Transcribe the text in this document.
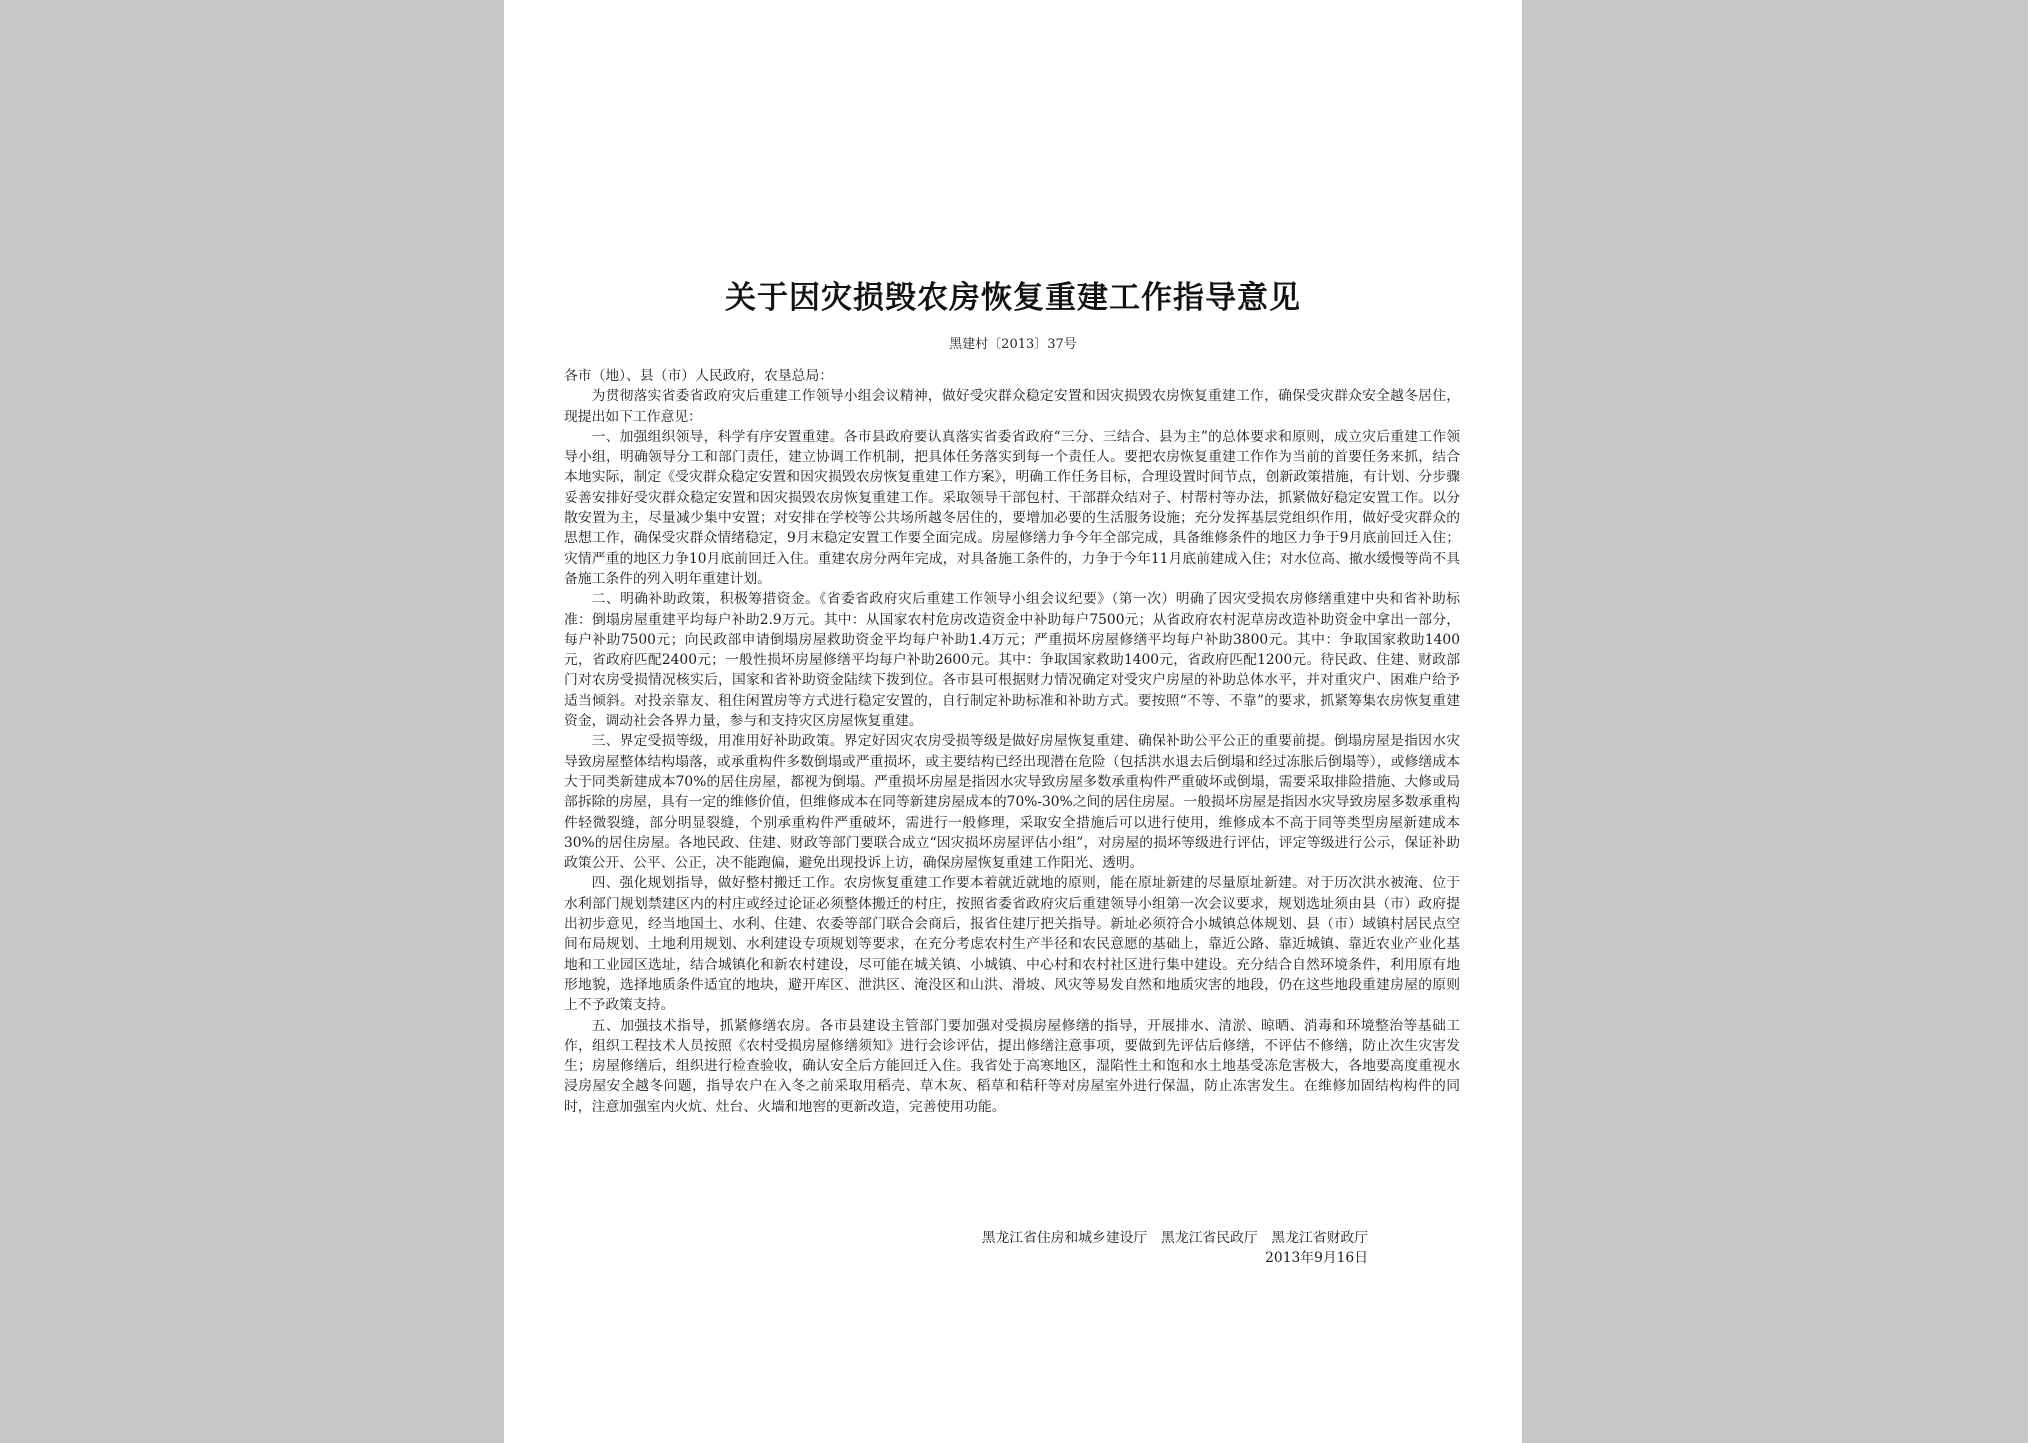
关于因灾损毁农房恢复重建工作指导意见
黑建村〔2013〕37号

各市（地）、县（市）人民政府，农垦总局：

为贯彻落实省委省政府灾后重建工作领导小组会议精神，做好受灾群众稳定安置和因灾损毁农房恢复重建工作，确保受灾群众安全越冬居住，现提出如下工作意见：

一、加强组织领导，科学有序安置重建。各市县政府要认真落实省委省政府“三分、三结合、县为主”的总体要求和原则，成立灾后重建工作领导小组，明确领导分工和部门责任，建立协调工作机制，把具体任务落实到每一个责任人。要把农房恢复重建工作作为当前的首要任务来抓，结合本地实际，制定《受灾群众稳定安置和因灾损毁农房恢复重建工作方案》，明确工作任务目标，合理设置时间节点，创新政策措施，有计划、分步骤妥善安排好受灾群众稳定安置和因灾损毁农房恢复重建工作。采取领导干部包村、干部群众结对子、村帮村等办法，抓紧做好稳定安置工作。以分散安置为主，尽量减少集中安置；对安排在学校等公共场所越冬居住的，要增加必要的生活服务设施；充分发挥基层党组织作用，做好受灾群众的思想工作，确保受灾群众情绪稳定，9月末稳定安置工作要全面完成。房屋修缮力争今年全部完成，具备维修条件的地区力争于9月底前回迁入住；灾情严重的地区力争10月底前回迁入住。重建农房分两年完成，对具备施工条件的，力争于今年11月底前建成入住；对水位高、撤水缓慢等尚不具备施工条件的列入明年重建计划。

二、明确补助政策，积极筹措资金。《省委省政府灾后重建工作领导小组会议纪要》（第一次）明确了因灾受损农房修缮重建中央和省补助标准：倒塌房屋重建平均每户补助2.9万元。其中：从国家农村危房改造资金中补助每户7500元；从省政府农村泥草房改造补助资金中拿出一部分，每户补助7500元；向民政部申请倒塌房屋救助资金平均每户补助1.4万元；严重损坏房屋修缮平均每户补助3800元。其中：争取国家救助1400元，省政府匹配2400元；一般性损坏房屋修缮平均每户补助2600元。其中：争取国家救助1400元，省政府匹配1200元。待民政、住建、财政部门对农房受损情况核实后，国家和省补助资金陆续下拨到位。各市县可根据财力情况确定对受灾户房屋的补助总体水平，并对重灾户、困难户给予适当倾斜。对投亲靠友、租住闲置房等方式进行稳定安置的，自行制定补助标准和补助方式。要按照“不等、不靠”的要求，抓紧筹集农房恢复重建资金，调动社会各界力量，参与和支持灾区房屋恢复重建。

三、界定受损等级，用准用好补助政策。界定好因灾农房受损等级是做好房屋恢复重建、确保补助公平公正的重要前提。倒塌房屋是指因水灾导致房屋整体结构塌落，或承重构件多数倒塌或严重损坏，或主要结构已经出现潜在危险（包括洪水退去后倒塌和经过冻胀后倒塌等），或修缮成本大于同类新建成本70%的居住房屋，都视为倒塌。严重损坏房屋是指因水灾导致房屋多数承重构件严重破坏或倒塌，需要采取排险措施、大修或局部拆除的房屋，具有一定的维修价值，但维修成本在同等新建房屋成本的70%-30%之间的居住房屋。一般损坏房屋是指因水灾导致房屋多数承重构件轻微裂缝，部分明显裂缝，个别承重构件严重破坏，需进行一般修理，采取安全措施后可以进行使用，维修成本不高于同等类型房屋新建成本30%的居住房屋。各地民政、住建、财政等部门要联合成立“因灾损坏房屋评估小组”，对房屋的损坏等级进行评估，评定等级进行公示，保证补助政策公开、公平、公正，决不能跑偏，避免出现投诉上访，确保房屋恢复重建工作阳光、透明。

四、强化规划指导，做好整村搬迁工作。农房恢复重建工作要本着就近就地的原则，能在原址新建的尽量原址新建。对于历次洪水被淹、位于水利部门规划禁建区内的村庄或经过论证必须整体搬迁的村庄，按照省委省政府灾后重建领导小组第一次会议要求，规划选址须由县（市）政府提出初步意见，经当地国土、水利、住建、农委等部门联合会商后，报省住建厅把关指导。新址必须符合小城镇总体规划、县（市）域镇村居民点空间布局规划、土地利用规划、水利建设专项规划等要求，在充分考虑农村生产半径和农民意愿的基础上，靠近公路、靠近城镇、靠近农业产业化基地和工业园区选址，结合城镇化和新农村建设，尽可能在城关镇、小城镇、中心村和农村社区进行集中建设。充分结合自然环境条件，利用原有地形地貌，选择地质条件适宜的地块，避开库区、泄洪区、淹没区和山洪、滑坡、风灾等易发自然和地质灾害的地段，仍在这些地段重建房屋的原则上不予政策支持。

五、加强技术指导，抓紧修缮农房。各市县建设主管部门要加强对受损房屋修缮的指导，开展排水、清淤、晾晒、消毒和环境整治等基础工作，组织工程技术人员按照《农村受损房屋修缮须知》进行会诊评估，提出修缮注意事项，要做到先评估后修缮，不评估不修缮，防止次生灾害发生；房屋修缮后，组织进行检查验收，确认安全后方能回迁入住。我省处于高寒地区，湿陷性土和饱和水土地基受冻危害极大，各地要高度重视水浸房屋安全越冬问题，指导农户在入冬之前采取用稻壳、草木灰、稻草和秸秆等对房屋室外进行保温，防止冻害发生。在维修加固结构构件的同时，注意加强室内火炕、灶台、火墙和地窖的更新改造，完善使用功能。

黑龙江省住房和城乡建设厅　黑龙江省民政厅　黑龙江省财政厅
2013年9月16日
